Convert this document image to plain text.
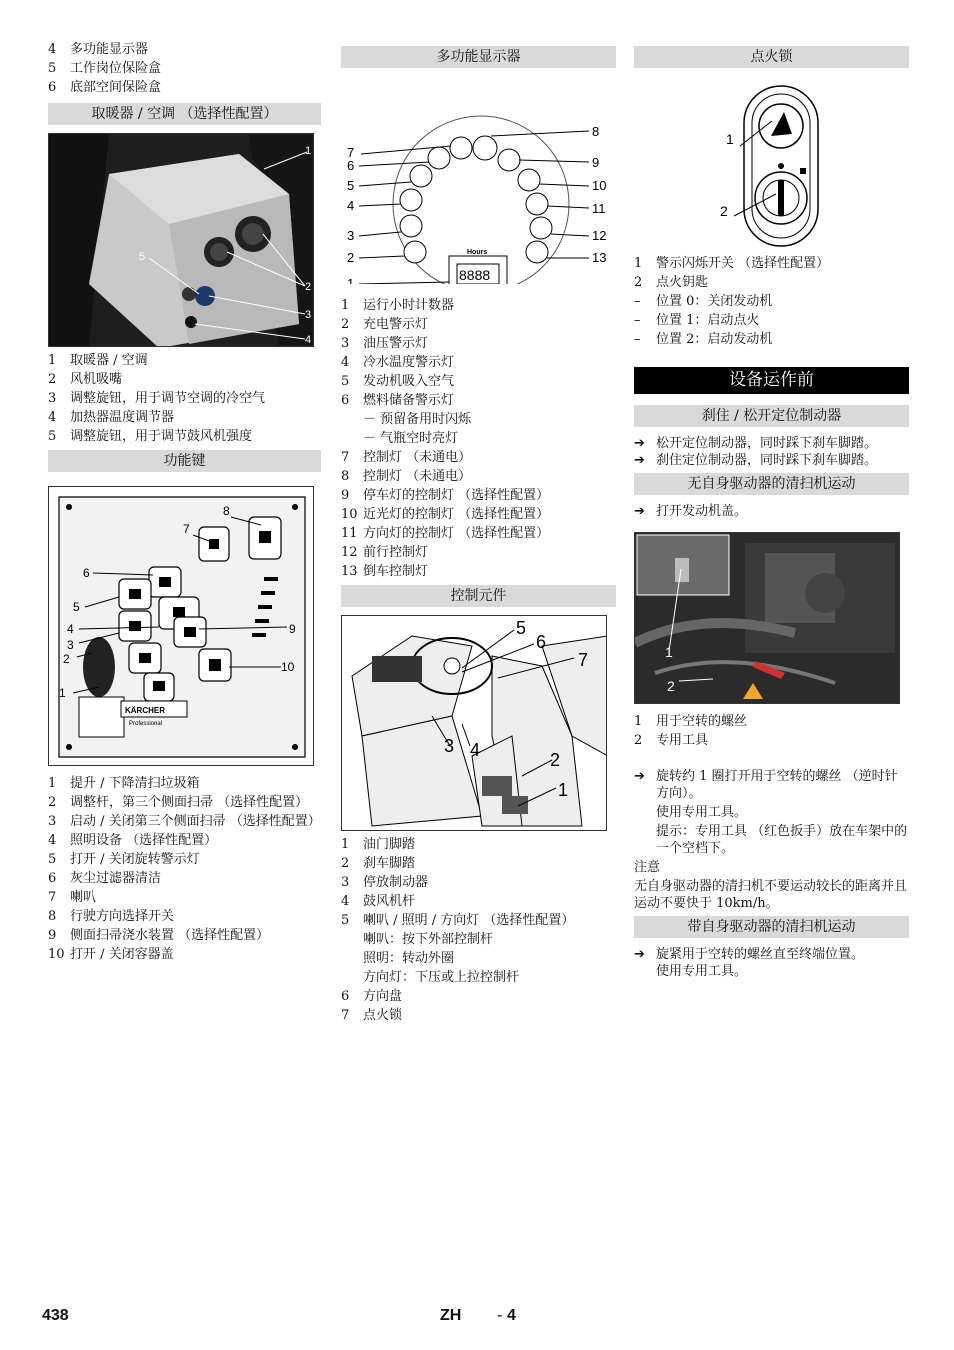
4	多功能显示器
5	工作岗位保险盒
6	底部空间保险盒
取暖器 / 空调 （选择性配置）
1
2
3
4
5
1	取暖器 / 空调
2	风机吸嘴
3	调整旋钮，用于调节空调的冷空气
4	加热器温度调节器
5	调整旋钮，用于调节鼓风机强度
功能键
KÄRCHER
Professional
1
2
3
4
5
6
7
8
9
10
1	提升 / 下降清扫垃圾箱
2	调整杆，第三个侧面扫帚 （选择性配置）
3	启动 / 关闭第三个侧面扫帚 （选择性配置）
4	照明设备 （选择性配置）
5	打开 / 关闭旋转警示灯
6	灰尘过滤器清洁
7	喇叭
8	行驶方向选择开关
9	侧面扫帚浇水装置 （选择性配置）
10 打开 / 关闭容器盖
多功能显示器
Hours
8888
1
2
3
4
5
6
7
8
9
10
11
12
13
1	运行小时计数器
2	充电警示灯
3	油压警示灯
4	冷水温度警示灯
5	发动机吸入空气
6	燃料储备警示灯
－ 预留备用时闪烁
－ 气瓶空时亮灯
7	控制灯 （未通电）
8	控制灯 （未通电）
9	停车灯的控制灯 （选择性配置）
10 近光灯的控制灯 （选择性配置）
11 方向灯的控制灯 （选择性配置）
12 前行控制灯
13 倒车控制灯
控制元件
5
6
7
3 4	2
1
1	油门脚踏
2	刹车脚踏
3	停放制动器
4	鼓风机杆
5	喇叭 / 照明 / 方向灯 （选择性配置）
喇叭：按下外部控制杆
照明：转动外圈
方向灯：下压或上拉控制杆
6	方向盘
7	点火锁
点火锁
1
2
1	警示闪烁开关 （选择性配置）
2	点火钥匙
–	位置 0：关闭发动机
–	位置 1：启动点火
–	位置 2：启动发动机
设备运作前
刹住 / 松开定位制动器
➔ 松开定位制动器，同时踩下刹车脚踏。
➔ 刹住定位制动器，同时踩下刹车脚踏。
无自身驱动器的清扫机运动
➔ 打开发动机盖。
1
2
1	用于空转的螺丝
2	专用工具
➔ 旋转约 1 圈打开用于空转的螺丝 （逆时针方向）。
使用专用工具。
提示：专用工具 （红色扳手）放在车架中的一个空档下。
注意
无自身驱动器的清扫机不要运动较长的距离并且运动不要快于 10km/h。
带自身驱动器的清扫机运动
➔ 旋紧用于空转的螺丝直至终端位置。
使用专用工具。
438	ZH - 4
